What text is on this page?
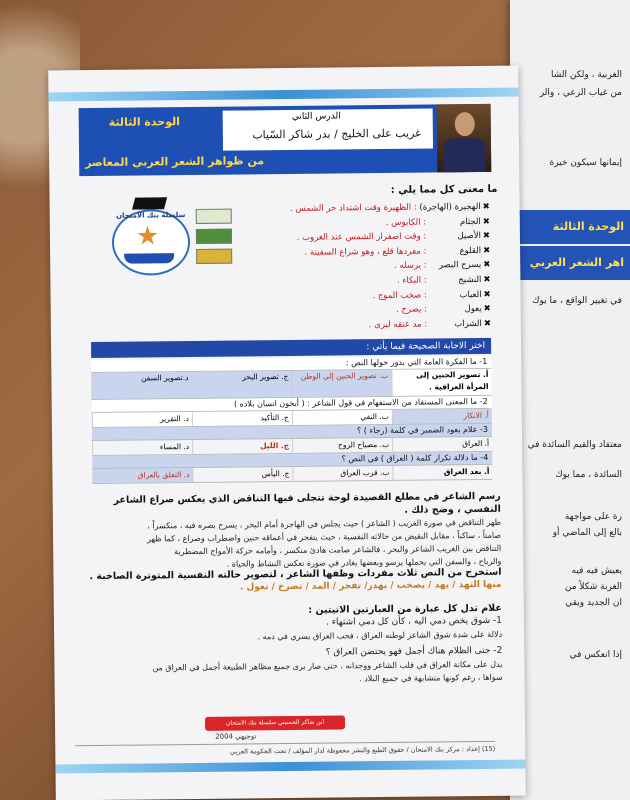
الغربية ، ولكن الشا
من غياب الرعي ، والر
إيمانها سيكون خيرة
الوحدة الثالثة
اهر الشعر العربي
في تغيير الواقع ، ما يوك
معتقاد والقيم السائدة في
السائدة ، مما يوك
رة على مواجهة
بالع إلى الماضي أو
يعيش فيه فيه
الغربة شكلاً من
ان الجديد ويقي
إذا انعكس في
الدرس الثاني
غريب على الخليج / بدر شاكر السّياب
الوحدة الثالثة
من ظواهر الشعر العربي المعاصر
سلسلة بنك الامتحان
★
ما معنى كل مما يلي :
✖الهجيرة (الهاجرة) : الظهيرة وقت اشتداد حر الشمس .
✖الجثام : الكابوس .
✖الأصيل : وقت اصفرار الشمس عند الغروب .
✖القلوع : مفردها قلع ، وهو شراع السفينة .
✖يسرح البصر : يرسله .
✖النشيج : البكاء .
✖العباب : صخب الموج .
✖يعول : يصرخ .
✖الشراب : مد عنقه ليرى .
اختر الاجابة الصحيحة فيما يأتي :
1- ما الفكرة العامة التي يدور حولها النص :
أ. تصوير الحنين إلى المرأة العراقية .
ب. تصوير الحنين إلى الوطن
ج. تصوير البحر
د.تصوير السفن
2- ما المعنى المستفاد من الاستفهام في قول الشاعر : ( أيخون انسان بلاده )
أ. الانكار
ب. النفي
ج. التأكيد
د. التقرير
3- علام يعود الضمير في كلمة (رجاء ) ؟
أ. العراق
ب. مصباح الروح
ج. الليل
د. المساء
4- ما دلالة تكرار كلمة ( العراق ) في النص ؟
أ. بعد العراق
ب. قرب العراق
ج. اليأس
د. التعلق بالعراق
رسم الشاعر في مطلع القصيدة لوحة تتجلى فيها التناقض الذي يعكس صراع الشاعر النفسي ، وضح ذلك .
ظهر التناقض في صورة الغريب ( الشاعر ) حيث يجلس في الهاجرة أمام البحر ، يسرح بصره فيه ، منكسراً ،
صامتاً ، ساكناً ، مقابل النقيض من حالاته النفسية ، حيث يتفجر في أعماقه حنين واضطراب وصراع ، كما ظهر
التناقض بين الغريب الشاعر والبحر ، فالشاعر صامت هادئ منكسر ، وأمامه حركة الأمواج المضطربة
والرياح ، والسفن التي يحملها يرسو وبعضها يغادر في صورة تعكس النشاط والحياة .
استخرج من النص ثلاث مفردات وظفها الشاعر ، لتصوير حالته النفسية المتوترة الصاخبة .
منها النهد / يهد / يصخب / يهدر/ تفجر / المد / تصرخ / تعول .
علام تدل كل عبارة من العبارتين الاتيتين :
1- شوق يخص دمي اليه ، كأن كل دمي اشتهاء .
دلالة على شدة شوق الشاعر لوطنه العراق ، فحب العراق يسري في دمه .
2- حتى الظلام هناك أجمل فهو يحتضن العراق ؟
يدل على مكانة العراق في قلب الشاعر ووجدانه ، حتى صار يرى جميع مظاهر الطبيعة أجمل في العراق من
سواها ، رغم كونها متشابهة في جميع البلاد .
ابن شاكر الحسيني سلسلة بنك الامتحان
توجيهي 2004
(15) إعداد : مركز بنك الامتحان / حقوق الطبع والنشر محفوظة لدار المؤلف / تحت الحكومة العربي
